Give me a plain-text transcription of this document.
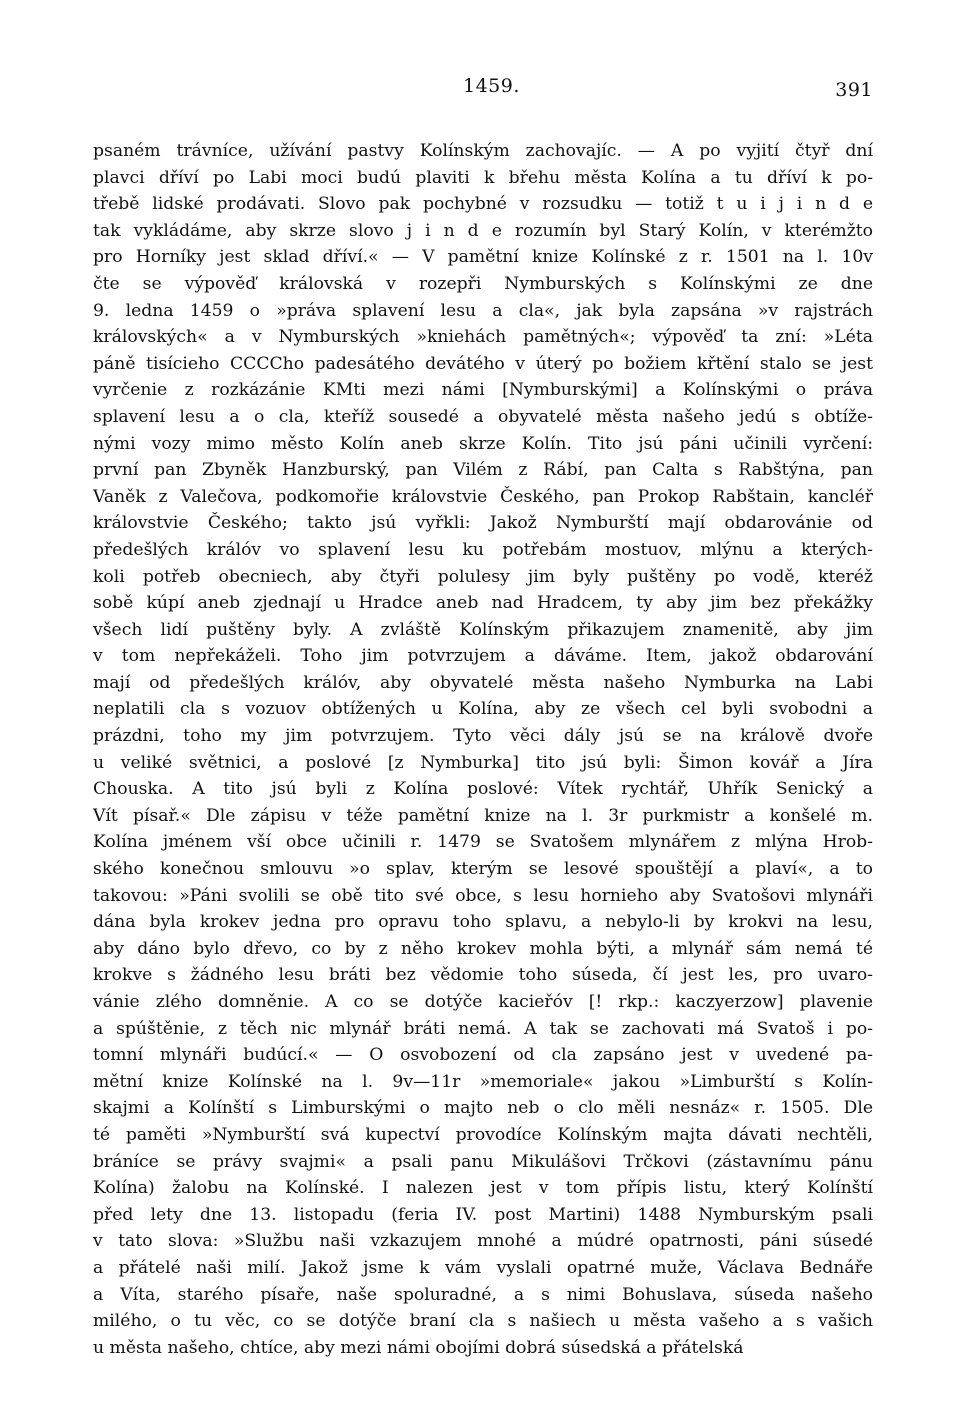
1459.	391
psaném trávníce, užívání pastvy Kolínským zachovajíc. — A po vyjití čtyř dní
plavci dříví po Labi moci budú plaviti k břehu města Kolína a tu dříví k po-
třebě lidské prodávati. Slovo pak pochybné v rozsudku — totiž t u i j i n d e
tak vykládáme, aby skrze slovo j i n d e rozumín byl Starý Kolín, v kterémžto
pro Horníky jest sklad dříví.« — V pamětní knize Kolínské z r. 1501 na l. 10v
čte se výpověď královská v rozepři Nymburských s Kolínskými ze dne
9. ledna 1459 o »práva splavení lesu a cla«, jak byla zapsána »v rajstrách
královských« a v Nymburských »kniehách pamětných«; výpověď ta zní: »Léta
páně tisícieho CCCCho padesátého devátého v úterý po božiem křtění stalo se jest
vyrčenie z rozkázánie KMti mezi námi [Nymburskými] a Kolínskými o práva
splavení lesu a o cla, kteříž sousedé a obyvatelé města našeho jedú s obtíže-
nými vozy mimo město Kolín aneb skrze Kolín. Tito jsú páni učinili vyrčení:
první pan Zbyněk Hanzburský, pan Vilém z Rábí, pan Calta s Rabštýna, pan
Vaněk z Valečova, podkomořie královstvie Českého, pan Prokop Rabštain, kancléř
královstvie Českého; takto jsú vyřkli: Jakož Nymburští mají obdarovánie od
předešlých králóv vo splavení lesu ku potřebám mostuov, mlýnu a kterých-
koli potřeb obecniech, aby čtyři polulesy jim byly puštěny po vodě, kteréž
sobě kúpí aneb zjednají u Hradce aneb nad Hradcem, ty aby jim bez překážky
všech lidí puštěny byly. A zvláště Kolínským přikazujem znamenitě, aby jim
v tom nepřekáželi. Toho jim potvrzujem a dáváme. Item, jakož obdarování
mají od předešlých králóv, aby obyvatelé města našeho Nymburka na Labi
neplatili cla s vozuov obtížených u Kolína, aby ze všech cel byli svobodni a
prázdni, toho my jim potvrzujem. Tyto věci dály jsú se na králově dvoře
u veliké světnici, a poslové [z Nymburka] tito jsú byli: Šimon kovář a Jíra
Chouska. A tito jsú byli z Kolína poslové: Vítek rychtář, Uhřík Senický a
Vít písař.« Dle zápisu v téže pamětní knize na l. 3r purkmistr a konšelé m.
Kolína jménem vší obce učinili r. 1479 se Svatošem mlynářem z mlýna Hrob-
ského konečnou smlouvu »o splav, kterým se lesové spouštějí a plaví«, a to
takovou: »Páni svolili se obě tito své obce, s lesu hornieho aby Svatošovi mlynáři
dána byla krokev jedna pro opravu toho splavu, a nebylo-li by krokvi na lesu,
aby dáno bylo dřevo, co by z něho krokev mohla býti, a mlynář sám nemá té
krokve s žádného lesu bráti bez vědomie toho súseda, čí jest les, pro uvaro-
vánie zlého domněnie. A co se dotýče kacieřóv [! rkp.: kaczyerzow] plavenie
a spúštěnie, z těch nic mlynář bráti nemá. A tak se zachovati má Svatoš i po-
tomní mlynáři budúcí.« — O osvobození od cla zapsáno jest v uvedené pa-
mětní knize Kolínské na l. 9v—11r »memoriale« jakou »Limburští s Kolín-
skajmi a Kolínští s Limburskými o majto neb o clo měli nesnáz« r. 1505. Dle
té paměti »Nymburští svá kupectví provodíce Kolínským majta dávati nechtěli,
bráníce se právy svajmi« a psali panu Mikulášovi Trčkovi (zástavnímu pánu
Kolína) žalobu na Kolínské. I nalezen jest v tom přípis listu, který Kolínští
před lety dne 13. listopadu (feria IV. post Martini) 1488 Nymburským psali
v tato slova: »Službu naši vzkazujem mnohé a múdré opatrnosti, páni súsedé
a přátelé naši milí. Jakož jsme k vám vyslali opatrné muže, Václava Bednáře
a Víta, starého písaře, naše spoluradné, a s nimi Bohuslava, súseda našeho
milého, o tu věc, co se dotýče braní cla s našiech u města vašeho a s vašich
u města našeho, chtíce, aby mezi námi obojími dobrá súsedská a přátelská
